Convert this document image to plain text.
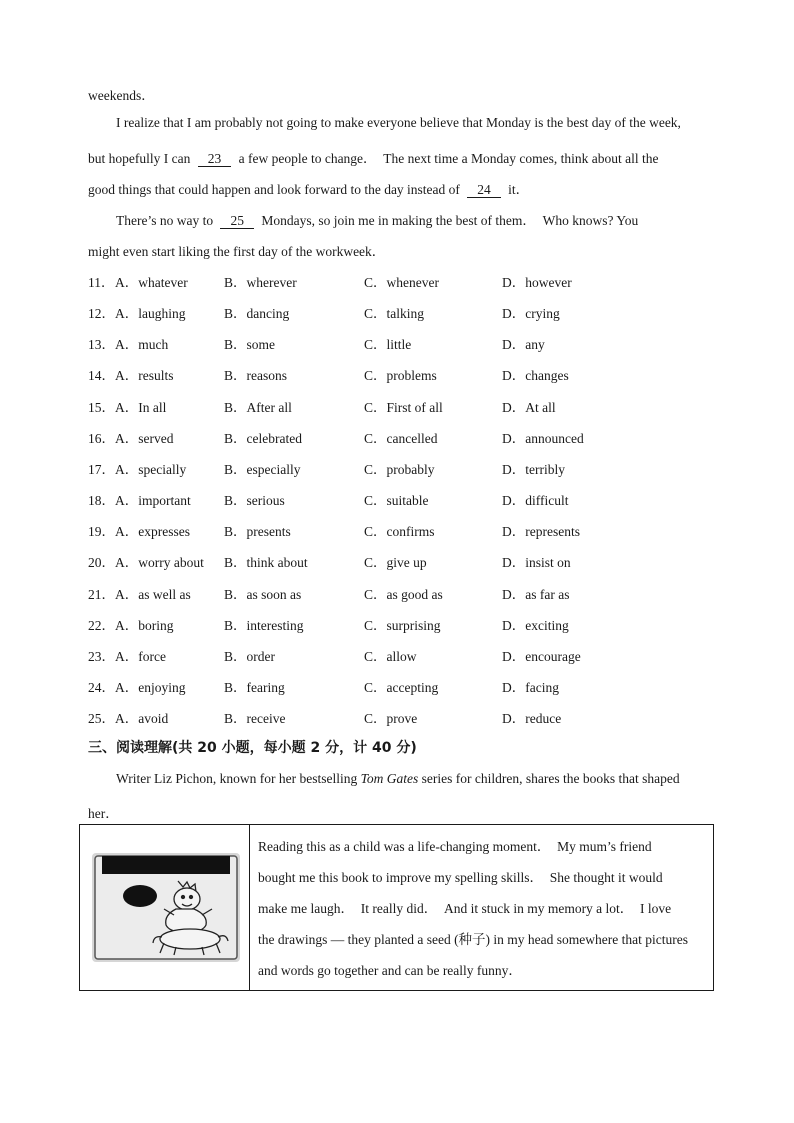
weekends．
I realize that I am probably not going to make everyone believe that Monday is the best day of the week,
but hopefully I can 23 a few people to change．　The next time a Monday comes, think about all the
good things that could happen and look forward to the day instead of 24 it．
There’s no way to 25 Mondays, so join me in making the best of them．　Who knows? You
might even start liking the first day of the workweek．
11． A．whatever	B．wherever	C．whenever	D．however
12． A．laughing	B．dancing	C．talking	D．crying
13． A．much	B．some	C．little	D．any
14． A．results	B．reasons	C．problems	D．changes
15． A．In all	B．After all	C．First of all	D．At all
16． A．served	B．celebrated	C．cancelled	D．announced
17． A．specially	B．especially	C．probably	D．terribly
18． A．important B．serious	C．suitable	D．difficult
19． A．expresses	B．presents	C．confirms	D．represents
20． A．worry about B．think about	C．give up	D．insist on
21． A．as well as B．as soon as	C．as good as	D．as far as
22． A．boring	B．interesting	C．surprising	D．exciting
23． A．force	B．order	C．allow	D．encourage
24． A．enjoying	B．fearing	C．accepting	D．facing
25． A．avoid	B．receive	C．prove	D．reduce
三、阅读理解(共 20 小题，每小题 2 分，计 40 分)
Writer Liz Pichon, known for her bestselling Tom Gates series for children, shares the books that shaped
her．
Reading this as a child was a life-changing moment．　My mum’s friend
bought me this book to improve my spelling skills．　She thought it would
make me laugh．　It really did．　And it stuck in my memory a lot．　I love
the drawings — they planted a seed (种子) in my head somewhere that pictures
and words go together and can be really funny．
